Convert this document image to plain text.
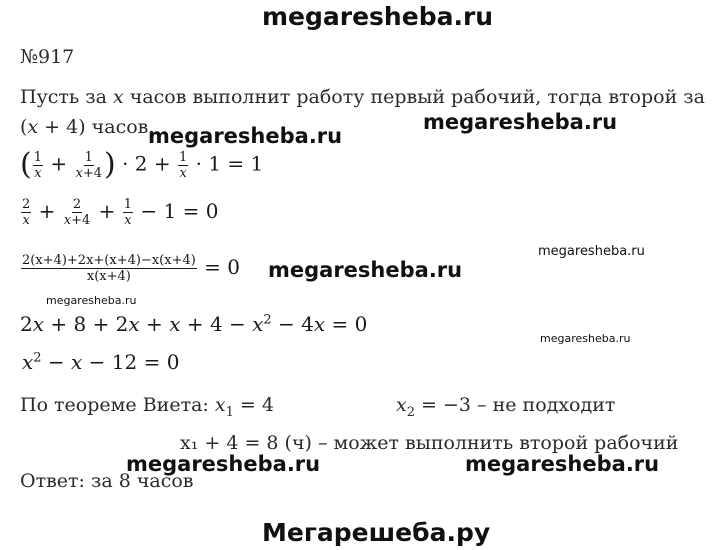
megaresheba.ru
№917
Пусть за x часов выполнит работу первый рабочий, тогда второй за
(x + 4) часов.
megaresheba.ru
megaresheba.ru
( $\frac{1}{x} + \frac{1}{x+4}$ ) · $2 + \frac{1}{x} \cdot 1 = 1$
$\frac{2}{x} + \frac{2}{x+4} + \frac{1}{x} - 1 = 0$
megaresheba.ru
$\frac{2(x+4)+2x+(x+4)-x(x+4)}{x(x+4)} = 0$ megaresheba.ru
megaresheba.ru
$2x + 8 + 2x + x + 4 - x^2 - 4x = 0$
megaresheba.ru
$x^2 - x - 12 = 0$
По теореме Виета: $x_1 = 4$	$x_2 = -3$ – не подходит
x₁ + 4 = 8 (ч) – может выполнить второй рабочий
megaresheba.ru	megaresheba.ru
Ответ: за 8 часов
Мегарешеба.ру
